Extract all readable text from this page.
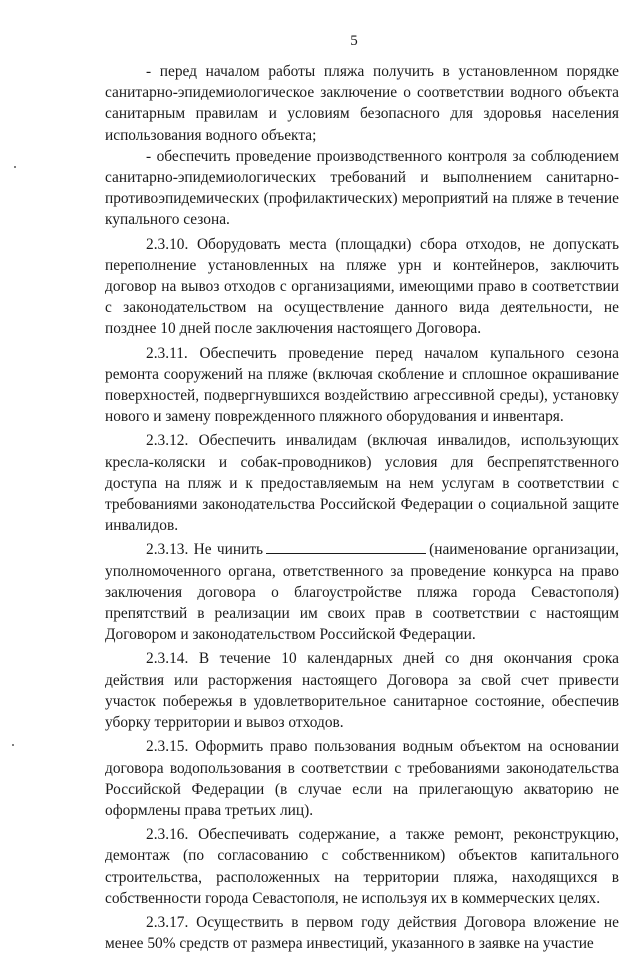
5

- перед началом работы пляжа получить в установленном порядке санитарно-эпидемиологическое заключение о соответствии водного объекта санитарным правилам и условиям безопасного для здоровья населения использования водного объекта;

- обеспечить проведение производственного контроля за соблюдением санитарно-эпидемиологических требований и выполнением санитарно-противоэпидемических (профилактических) мероприятий на пляже в течение купального сезона.

2.3.10. Оборудовать места (площадки) сбора отходов, не допускать переполнение установленных на пляже урн и контейнеров, заключить договор на вывоз отходов с организациями, имеющими право в соответствии с законодательством на осуществление данного вида деятельности, не позднее 10 дней после заключения настоящего Договора.

2.3.11. Обеспечить проведение перед началом купального сезона ремонта сооружений на пляже (включая скобление и сплошное окрашивание поверхностей, подвергнувшихся воздействию агрессивной среды), установку нового и замену поврежденного пляжного оборудования и инвентаря.

2.3.12. Обеспечить инвалидам (включая инвалидов, использующих кресла-коляски и собак-проводников) условия для беспрепятственного доступа на пляж и к предоставляемым на нем услугам в соответствии с требованиями законодательства Российской Федерации о социальной защите инвалидов.

2.3.13. Не чинить	(наименование организации, уполномоченного органа, ответственного за проведение конкурса на право заключения договора о благоустройстве пляжа города Севастополя) препятствий в реализации им своих прав в соответствии с настоящим Договором и законодательством Российской Федерации.

2.3.14. В течение 10 календарных дней со дня окончания срока действия или расторжения настоящего Договора за свой счет привести участок побережья в удовлетворительное санитарное состояние, обеспечив уборку территории и вывоз отходов.

2.3.15. Оформить право пользования водным объектом на основании договора водопользования в соответствии с требованиями законодательства Российской Федерации (в случае если на прилегающую акваторию не оформлены права третьих лиц).

2.3.16. Обеспечивать содержание, а также ремонт, реконструкцию, демонтаж (по согласованию с собственником) объектов капитального строительства, расположенных на территории пляжа, находящихся в собственности города Севастополя, не используя их в коммерческих целях.

2.3.17. Осуществить в первом году действия Договора вложение не менее 50% средств от размера инвестиций, указанного в заявке на участие
